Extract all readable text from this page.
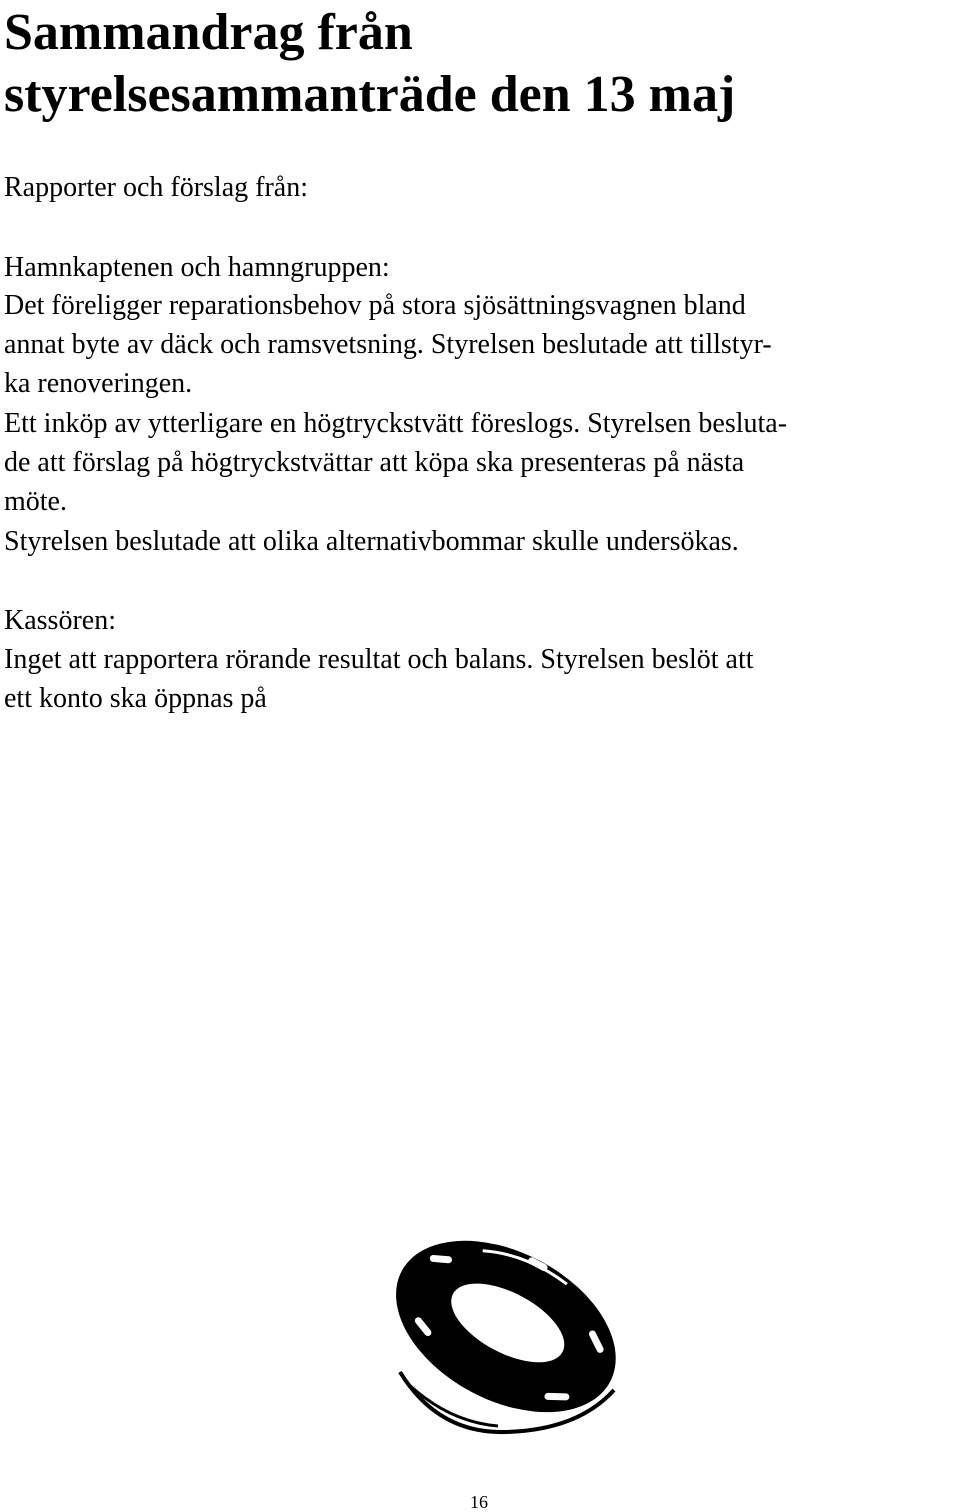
Sammandrag från
styrelsesammanträde den 13 maj

Rapporter och förslag från:

Hamnkaptenen och hamngruppen:

Det föreligger reparationsbehov på stora sjösättningsvagnen bland

annat byte av däck och ramsvetsning. Styrelsen beslutade att tillstyr-

ka renoveringen.

Ett inköp av ytterligare en högtryckstvätt föreslogs. Styrelsen besluta-

de att förslag på högtryckstvättar att köpa ska presenteras på nästa

möte.

Styrelsen beslutade att olika alternativbommar skulle undersökas.

Kassören:

Inget att rapportera rörande resultat och balans. Styrelsen beslöt att

ett konto ska öppnas på

16
